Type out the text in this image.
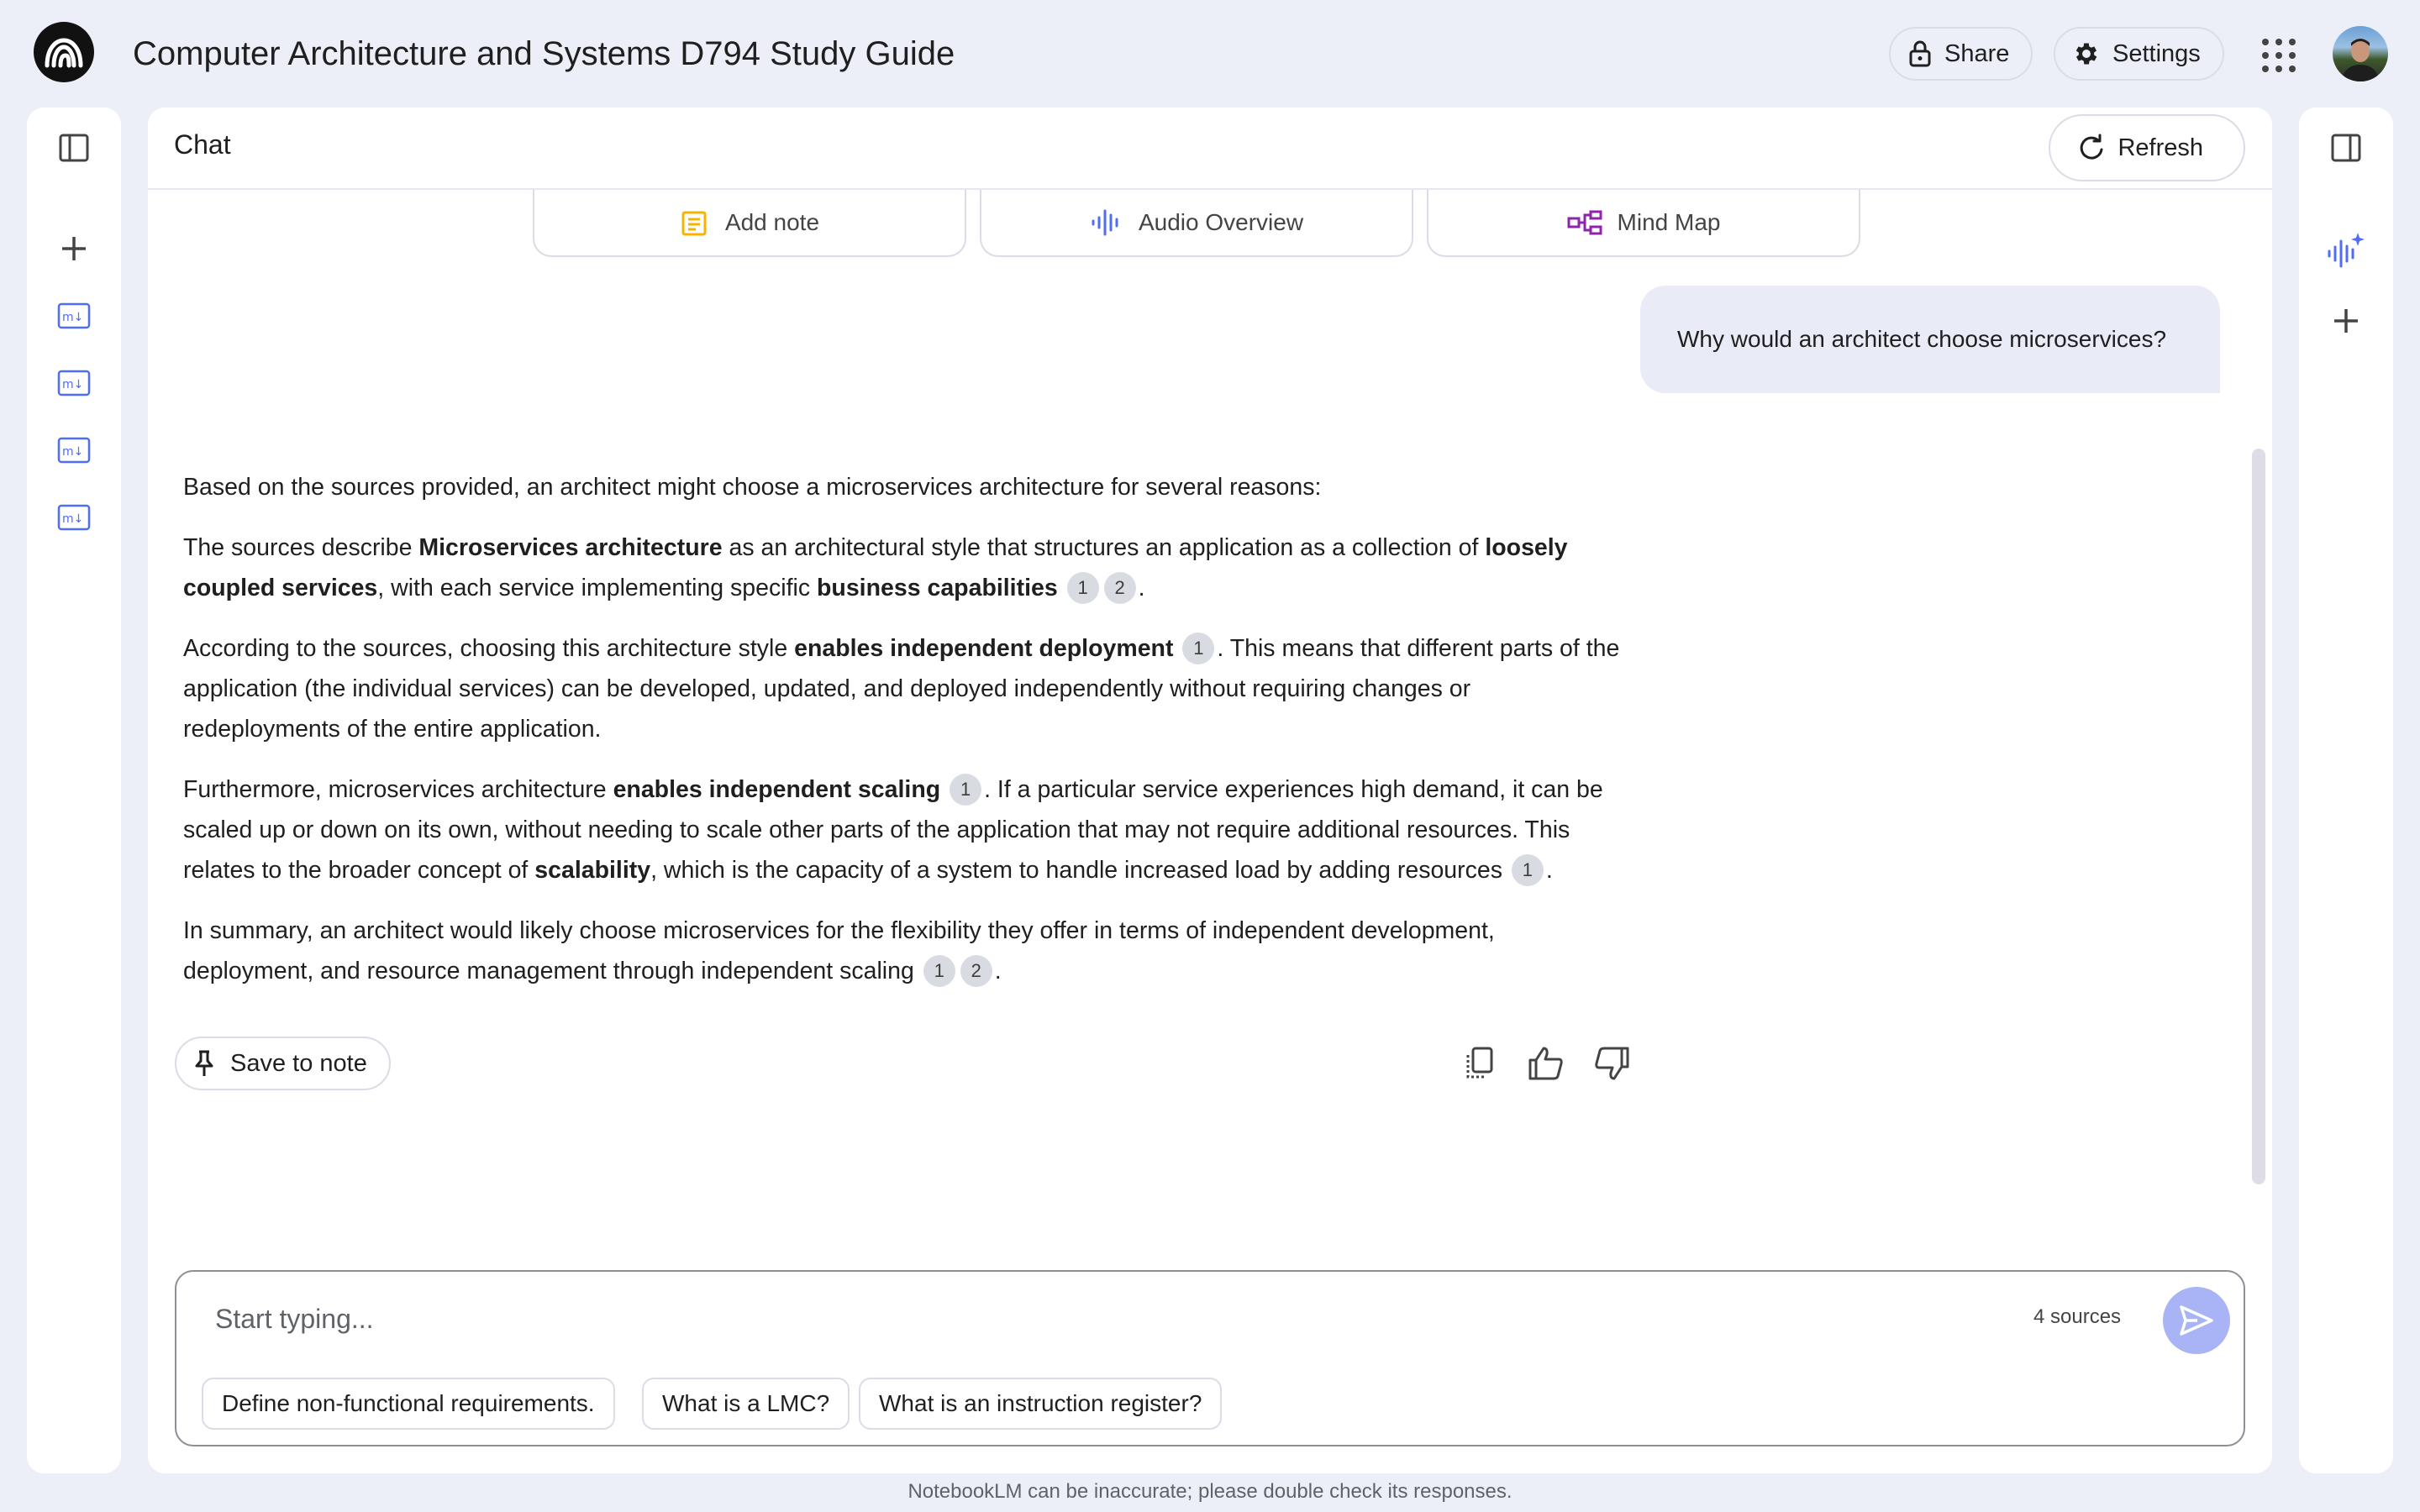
Computer Architecture and Systems D794 Study Guide	Share	Settings
m↓
m↓
m↓
m↓
Chat	Refresh
Add note	Audio Overview	Mind Map
Why would an architect choose microservices?

Based on the sources provided, an architect might choose a microservices architecture for several reasons:

The sources describe Microservices architecture as an architectural style that structures an application as a collection of loosely coupled services, with each service implementing specific business capabilities 1 2 .

According to the sources, choosing this architecture style enables independent deployment 1 . This means that different parts of the application (the individual services) can be developed, updated, and deployed independently without requiring changes or redeployments of the entire application.

Furthermore, microservices architecture enables independent scaling 1 . If a particular service experiences high demand, it can be scaled up or down on its own, without needing to scale other parts of the application that may not require additional resources. This relates to the broader concept of scalability, which is the capacity of a system to handle increased load by adding resources 1 .

In summary, an architect would likely choose microservices for the flexibility they offer in terms of independent development, deployment, and resource management through independent scaling 1 2 .

Save to note
Start typing...
4 sources
Define non-functional requirements.	What is a LMC?	What is an instruction register?
NotebookLM can be inaccurate; please double check its responses.
